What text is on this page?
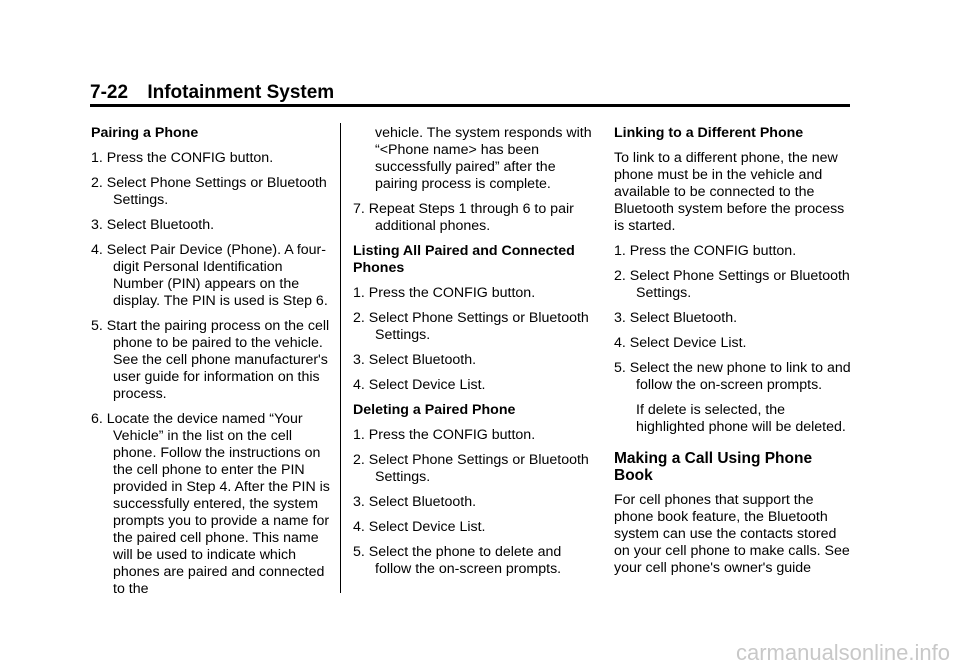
7-22 Infotainment System
Pairing a Phone
1. Press the CONFIG button.
2. Select Phone Settings or Bluetooth Settings.
3. Select Bluetooth.
4. Select Pair Device (Phone). A four-digit Personal Identification Number (PIN) appears on the display. The PIN is used is Step 6.
5. Start the pairing process on the cell phone to be paired to the vehicle. See the cell phone manufacturer's user guide for information on this process.
6. Locate the device named “Your Vehicle” in the list on the cell phone. Follow the instructions on the cell phone to enter the PIN provided in Step 4. After the PIN is successfully entered, the system prompts you to provide a name for the paired cell phone. This name will be used to indicate which phones are paired and connected to the
vehicle. The system responds with “<Phone name> has been successfully paired” after the pairing process is complete.
7. Repeat Steps 1 through 6 to pair additional phones.
Listing All Paired and Connected Phones
1. Press the CONFIG button.
2. Select Phone Settings or Bluetooth Settings.
3. Select Bluetooth.
4. Select Device List.
Deleting a Paired Phone
1. Press the CONFIG button.
2. Select Phone Settings or Bluetooth Settings.
3. Select Bluetooth.
4. Select Device List.
5. Select the phone to delete and follow the on-screen prompts.
Linking to a Different Phone
To link to a different phone, the new phone must be in the vehicle and available to be connected to the Bluetooth system before the process is started.
1. Press the CONFIG button.
2. Select Phone Settings or Bluetooth Settings.
3. Select Bluetooth.
4. Select Device List.
5. Select the new phone to link to and follow the on-screen prompts.
If delete is selected, the highlighted phone will be deleted.
Making a Call Using Phone Book
For cell phones that support the phone book feature, the Bluetooth system can use the contacts stored on your cell phone to make calls. See your cell phone's owner's guide
carmanualsonline.info
